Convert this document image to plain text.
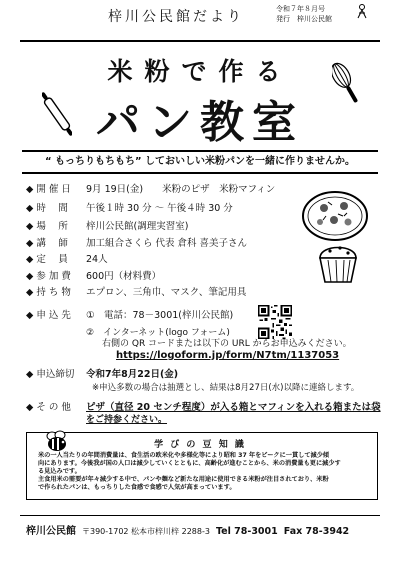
梓川公民館だより	令和７年８月号
発行　梓川公民館
米粉で作る
パン教室
“ もっちりもちもち” しておいしい米粉パンを一緒に作りませんか。
◆ 開 催 日 9月 19日(金)　　米粉のピザ　米粉マフィン
◆ 時　 間 午後１時 30 分 ～ 午後４時 30 分
◆ 場　 所 梓川公民館(調理実習室)
◆ 講　 師 加工組合さくら 代表 倉科 喜美子さん
◆ 定　 員 24人
◆ 参 加 費 600円（材料費）
◆ 持 ち 物 エプロン、三角巾、マスク、筆記用具
◆ 申 込 先 ①　電話：78－3001(梓川公民館)
②　インターネット(logo フォーム)
右側の QR コードまたは以下の URL からお申込みください。
https://logoform.jp/form/N7tm/1137053
◆ 申込締切 令和7年8月22日(金)
※申込多数の場合は抽選とし、結果は8月27日(水)以降に連絡します。
◆ そ の 他 ピザ（直径 20 センチ程度）が入る箱とマフィンを入れる箱または袋
をご持参ください。
学 び の 豆 知 識

米の一人当たりの年間消費量は、食生活の欧米化や多様化等により昭和 37 年をピークに一貫して減少傾

向にあります。今後我が国の人口は減少していくとともに、高齢化が進むことから、米の消費量も更に減少す

る見込みです。

主食用米の需要が年々減少する中で、パンや麺など新たな用途に使用できる米粉が注目されており、米粉

で作られたパンは、もっちりした食感で食感で人気が高まっています。

梓川公民館 〒390-1702 松本市梓川梓 2288-3 Tel 78-3001 Fax 78-3942
